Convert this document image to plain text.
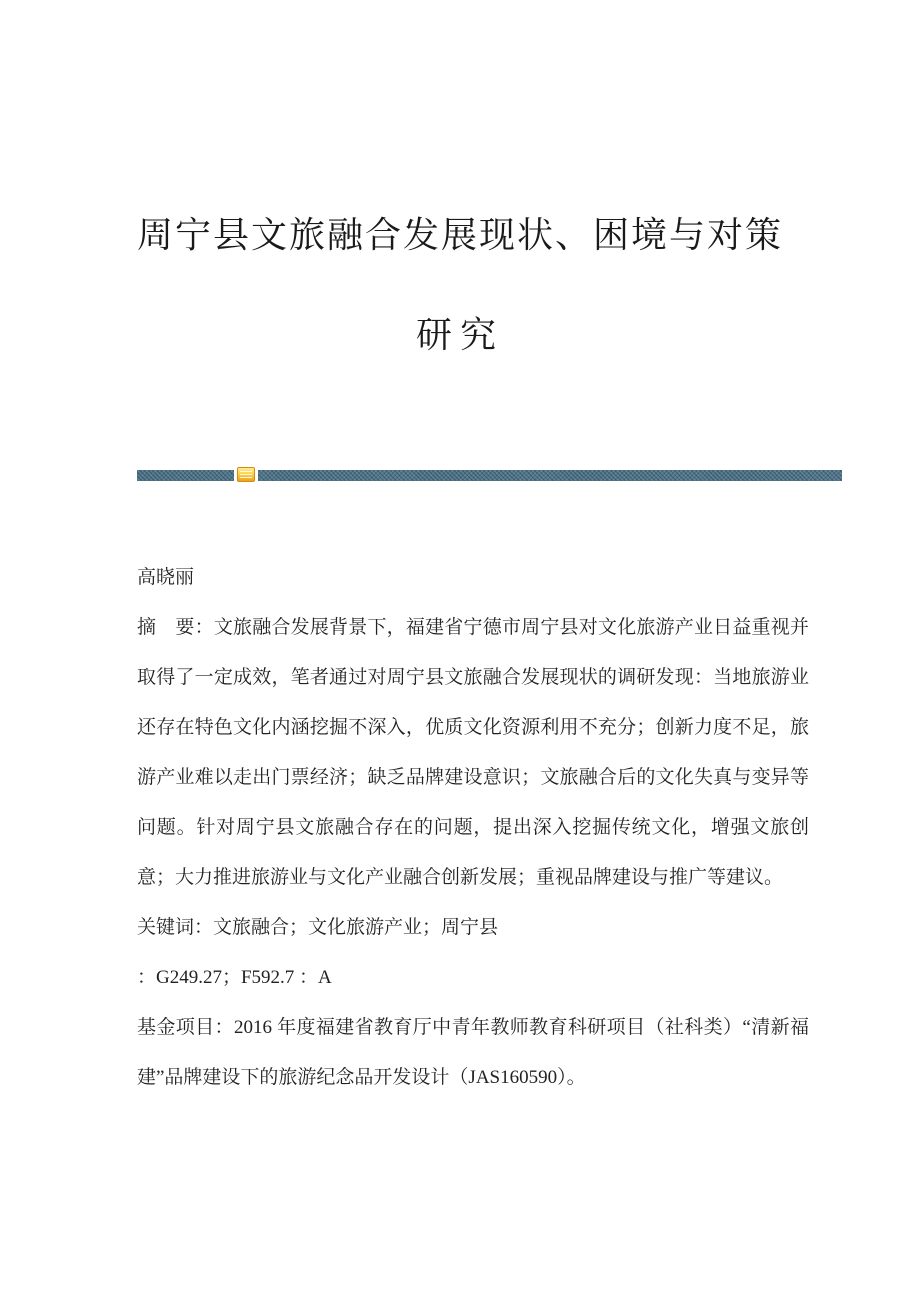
周宁县文旅融合发展现状、困境与对策
研究

高晓丽

摘　要：文旅融合发展背景下，福建省宁德市周宁县对文化旅游产业日益重视并取得了一定成效，笔者通过对周宁县文旅融合发展现状的调研发现：当地旅游业还存在特色文化内涵挖掘不深入，优质文化资源利用不充分；创新力度不足，旅游产业难以走出门票经济；缺乏品牌建设意识；文旅融合后的文化失真与变异等问题。针对周宁县文旅融合存在的问题，提出深入挖掘传统文化，增强文旅创意；大力推进旅游业与文化产业融合创新发展；重视品牌建设与推广等建议。

关键词：文旅融合；文化旅游产业；周宁县

：G249.27；F592.7 ：A

基金项目：2016 年度福建省教育厅中青年教师教育科研项目（社科类）“清新福建”品牌建设下的旅游纪念品开发设计（JAS160590）。
